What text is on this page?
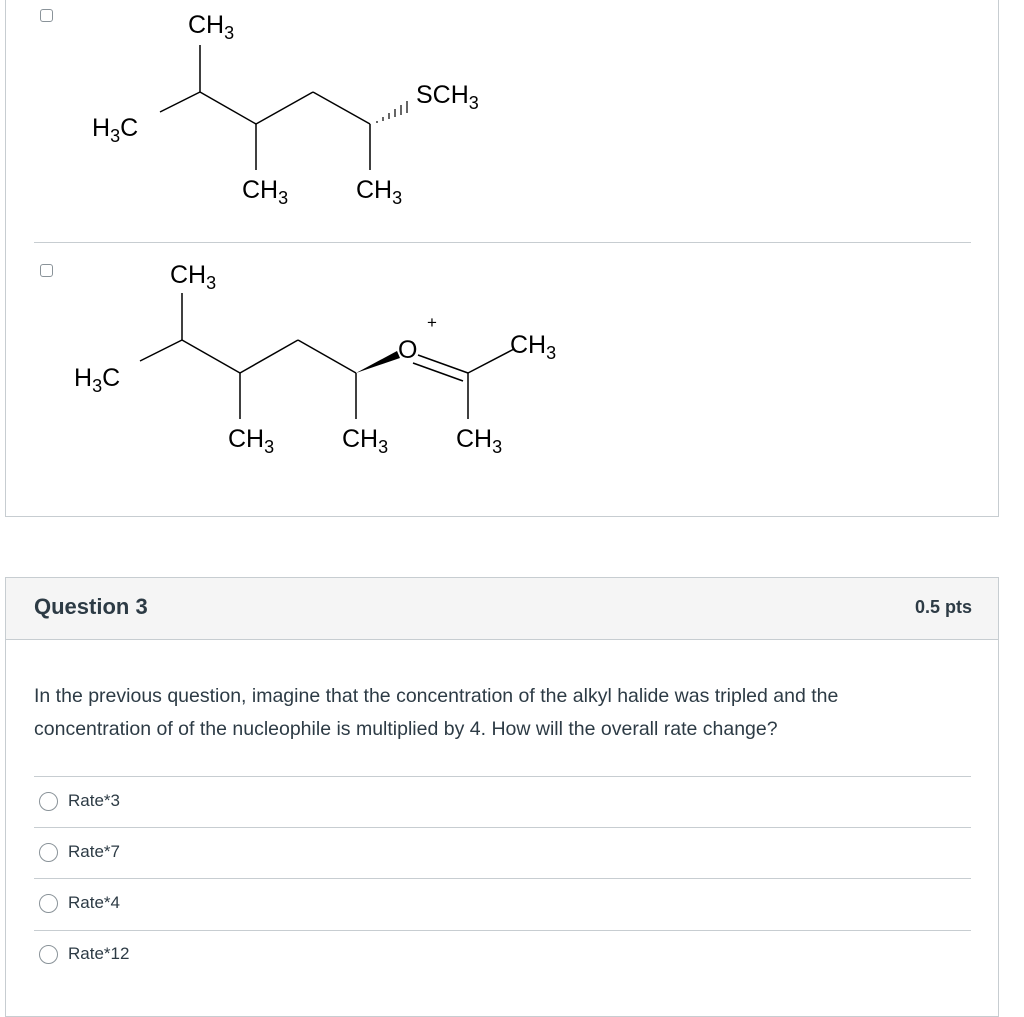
$CH_3$
$H_3C$
$SCH_3$
$CH_3$	$CH_3$
$CH_3$
$H_3C$
O
+
$CH_3$
$CH_3$	$CH_3$	$CH_3$
Question 3	0.5 pts
In the previous question, imagine that the concentration of the alkyl halide was tripled and the concentration of of the nucleophile is multiplied by 4. How will the overall rate change?
Rate*3
Rate*7
Rate*4
Rate*12
